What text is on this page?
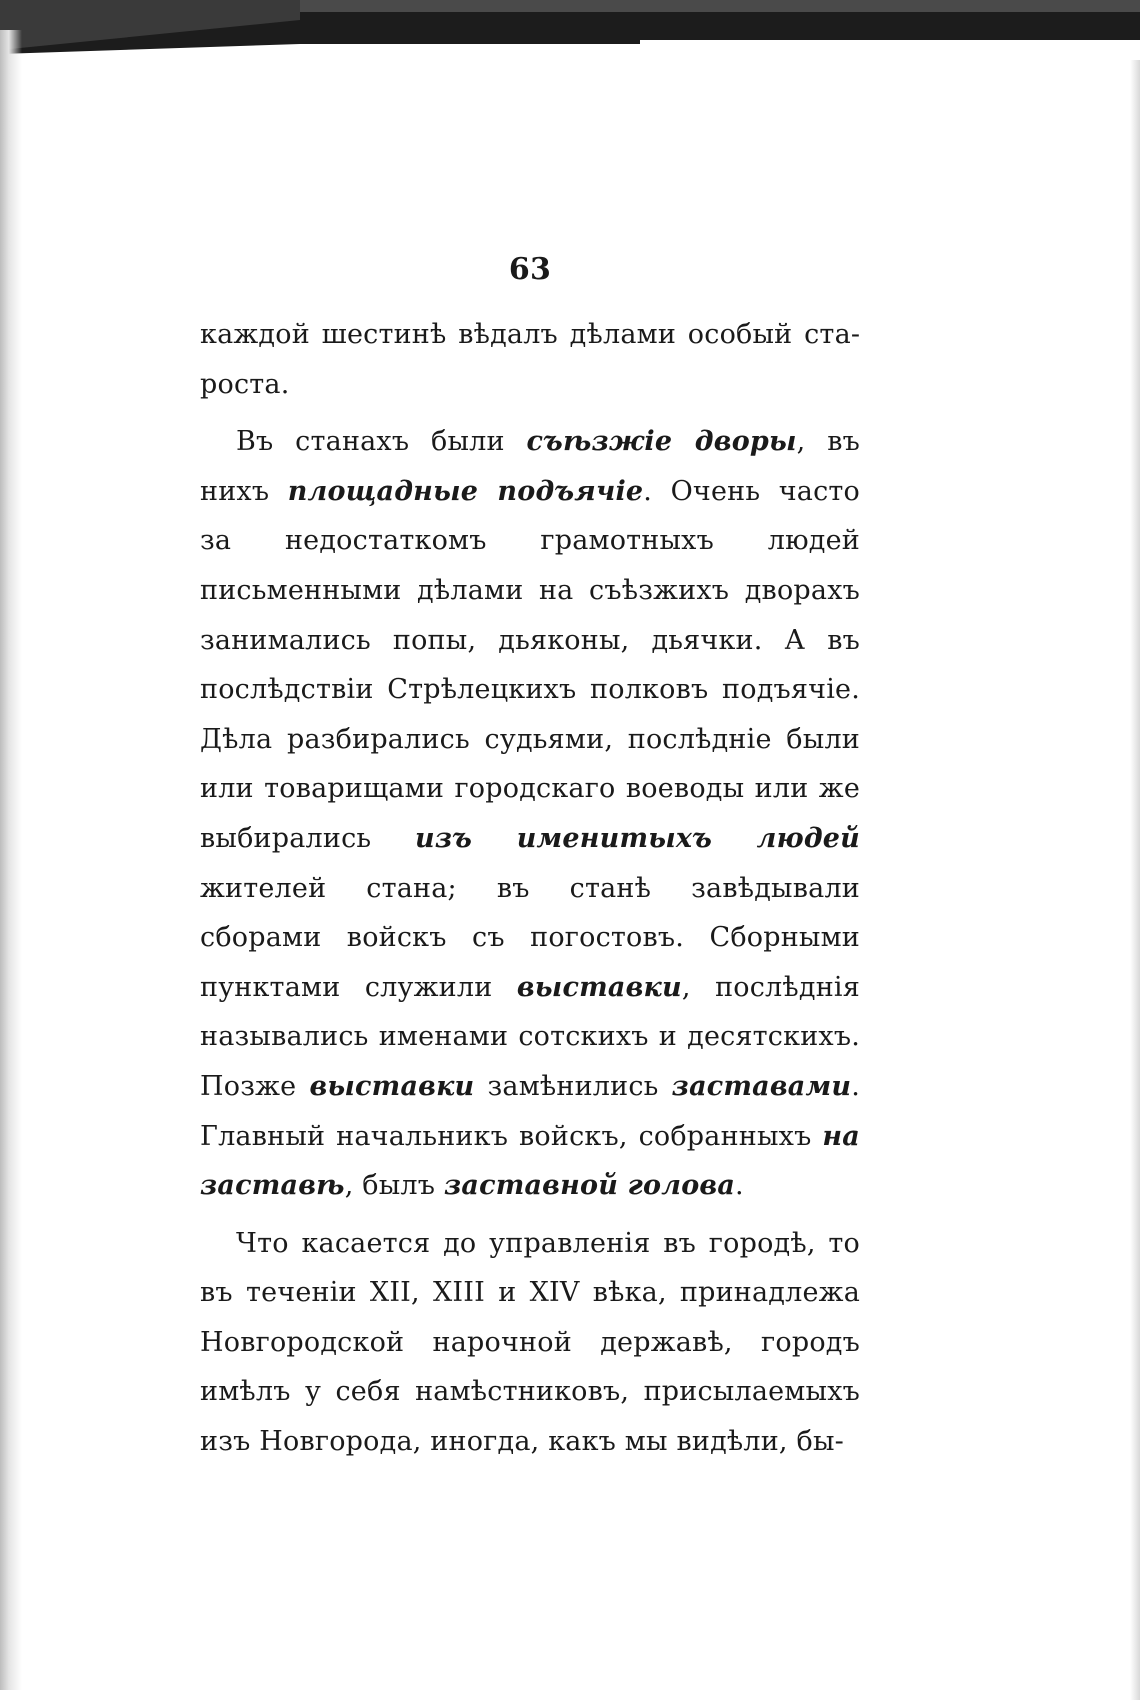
63

каждой шестинѣ вѣдалъ дѣлами особый староста.

Въ станахъ были съѣзжіе дворы, въ нихъ площадные подъячіе. Очень часто за недостаткомъ грамотныхъ людей письменными дѣлами на съѣзжихъ дворахъ занимались попы, дьяконы, дьячки. А въ послѣдствіи Стрѣлецкихъ полковъ подъячіе. Дѣла разбирались судьями, послѣдніе были или товарищами городскаго воеводы или же выбирались изъ именитыхъ людей жителей стана; въ станѣ завѣдывали сборами войскъ съ погостовъ. Сборными пунктами служили выставки, послѣднія назывались именами сотскихъ и десятскихъ. Позже выставки замѣнились заставами. Главный начальникъ войскъ, собранныхъ на заставѣ, былъ заставной голова.

Что касается до управленія въ городѣ, то въ теченіи XII, XIII и XIV вѣка, принадлежа Новгородской нарочной державѣ, городъ имѣлъ у себя намѣстниковъ, присылаемыхъ изъ Новгорода, иногда, какъ мы видѣли, бы-
